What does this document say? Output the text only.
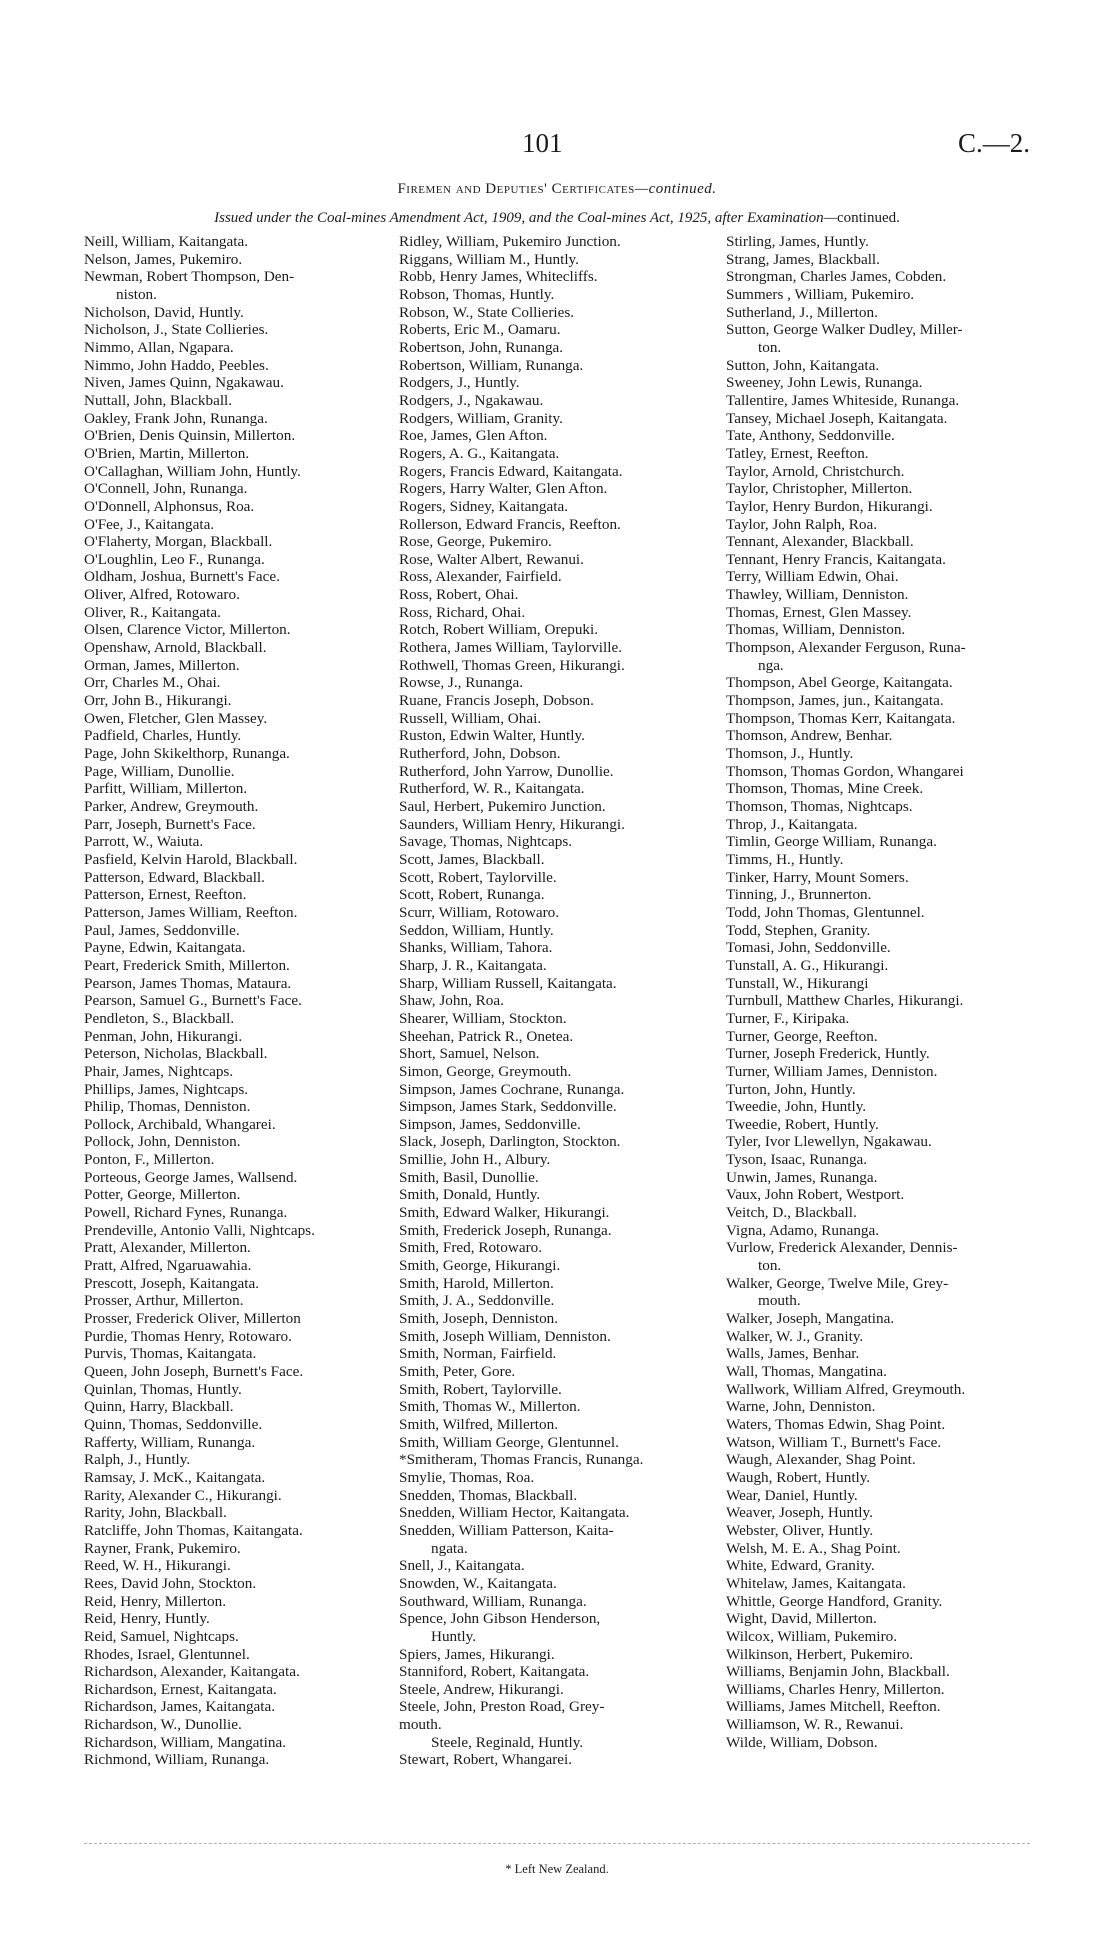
101	C.—2.
Firemen and Deputies' Certificates—continued.
Issued under the Coal-mines Amendment Act, 1909, and the Coal-mines Act, 1925, after Examination—continued.
Neill, William, Kaitangata.
Nelson, James, Pukemiro.
Newman, Robert Thompson, Den-
niston.
Nicholson, David, Huntly.
Nicholson, J., State Collieries.
Nimmo, Allan, Ngapara.
Nimmo, John Haddo, Peebles.
Niven, James Quinn, Ngakawau.
Nuttall, John, Blackball.
Oakley, Frank John, Runanga.
O'Brien, Denis Quinsin, Millerton.
O'Brien, Martin, Millerton.
O'Callaghan, William John, Huntly.
O'Connell, John, Runanga.
O'Donnell, Alphonsus, Roa.
O'Fee, J., Kaitangata.
O'Flaherty, Morgan, Blackball.
O'Loughlin, Leo F., Runanga.
Oldham, Joshua, Burnett's Face.
Oliver, Alfred, Rotowaro.
Oliver, R., Kaitangata.
Olsen, Clarence Victor, Millerton.
Openshaw, Arnold, Blackball.
Orman, James, Millerton.
Orr, Charles M., Ohai.
Orr, John B., Hikurangi.
Owen, Fletcher, Glen Massey.
Padfield, Charles, Huntly.
Page, John Skikelthorp, Runanga.
Page, William, Dunollie.
Parfitt, William, Millerton.
Parker, Andrew, Greymouth.
Parr, Joseph, Burnett's Face.
Parrott, W., Waiuta.
Pasfield, Kelvin Harold, Blackball.
Patterson, Edward, Blackball.
Patterson, Ernest, Reefton.
Patterson, James William, Reefton.
Paul, James, Seddonville.
Payne, Edwin, Kaitangata.
Peart, Frederick Smith, Millerton.
Pearson, James Thomas, Mataura.
Pearson, Samuel G., Burnett's Face.
Pendleton, S., Blackball.
Penman, John, Hikurangi.
Peterson, Nicholas, Blackball.
Phair, James, Nightcaps.
Phillips, James, Nightcaps.
Philip, Thomas, Denniston.
Pollock, Archibald, Whangarei.
Pollock, John, Denniston.
Ponton, F., Millerton.
Porteous, George James, Wallsend.
Potter, George, Millerton.
Powell, Richard Fynes, Runanga.
Prendeville, Antonio Valli, Nightcaps.
Pratt, Alexander, Millerton.
Pratt, Alfred, Ngaruawahia.
Prescott, Joseph, Kaitangata.
Prosser, Arthur, Millerton.
Prosser, Frederick Oliver, Millerton
Purdie, Thomas Henry, Rotowaro.
Purvis, Thomas, Kaitangata.
Queen, John Joseph, Burnett's Face.
Quinlan, Thomas, Huntly.
Quinn, Harry, Blackball.
Quinn, Thomas, Seddonville.
Rafferty, William, Runanga.
Ralph, J., Huntly.
Ramsay, J. McK., Kaitangata.
Rarity, Alexander C., Hikurangi.
Rarity, John, Blackball.
Ratcliffe, John Thomas, Kaitangata.
Rayner, Frank, Pukemiro.
Reed, W. H., Hikurangi.
Rees, David John, Stockton.
Reid, Henry, Millerton.
Reid, Henry, Huntly.
Reid, Samuel, Nightcaps.
Rhodes, Israel, Glentunnel.
Richardson, Alexander, Kaitangata.
Richardson, Ernest, Kaitangata.
Richardson, James, Kaitangata.
Richardson, W., Dunollie.
Richardson, William, Mangatina.
Richmond, William, Runanga.
Ridley, William, Pukemiro Junction.
Riggans, William M., Huntly.
Robb, Henry James, Whitecliffs.
Robson, Thomas, Huntly.
Robson, W., State Collieries.
Roberts, Eric M., Oamaru.
Robertson, John, Runanga.
Robertson, William, Runanga.
Rodgers, J., Huntly.
Rodgers, J., Ngakawau.
Rodgers, William, Granity.
Roe, James, Glen Afton.
Rogers, A. G., Kaitangata.
Rogers, Francis Edward, Kaitangata.
Rogers, Harry Walter, Glen Afton.
Rogers, Sidney, Kaitangata.
Rollerson, Edward Francis, Reefton.
Rose, George, Pukemiro.
Rose, Walter Albert, Rewanui.
Ross, Alexander, Fairfield.
Ross, Robert, Ohai.
Ross, Richard, Ohai.
Rotch, Robert William, Orepuki.
Rothera, James William, Taylorville.
Rothwell, Thomas Green, Hikurangi.
Rowse, J., Runanga.
Ruane, Francis Joseph, Dobson.
Russell, William, Ohai.
Ruston, Edwin Walter, Huntly.
Rutherford, John, Dobson.
Rutherford, John Yarrow, Dunollie.
Rutherford, W. R., Kaitangata.
Saul, Herbert, Pukemiro Junction.
Saunders, William Henry, Hikurangi.
Savage, Thomas, Nightcaps.
Scott, James, Blackball.
Scott, Robert, Taylorville.
Scott, Robert, Runanga.
Scurr, William, Rotowaro.
Seddon, William, Huntly.
Shanks, William, Tahora.
Sharp, J. R., Kaitangata.
Sharp, William Russell, Kaitangata.
Shaw, John, Roa.
Shearer, William, Stockton.
Sheehan, Patrick R., Onetea.
Short, Samuel, Nelson.
Simon, George, Greymouth.
Simpson, James Cochrane, Runanga.
Simpson, James Stark, Seddonville.
Simpson, James, Seddonville.
Slack, Joseph, Darlington, Stockton.
Smillie, John H., Albury.
Smith, Basil, Dunollie.
Smith, Donald, Huntly.
Smith, Edward Walker, Hikurangi.
Smith, Frederick Joseph, Runanga.
Smith, Fred, Rotowaro.
Smith, George, Hikurangi.
Smith, Harold, Millerton.
Smith, J. A., Seddonville.
Smith, Joseph, Denniston.
Smith, Joseph William, Denniston.
Smith, Norman, Fairfield.
Smith, Peter, Gore.
Smith, Robert, Taylorville.
Smith, Thomas W., Millerton.
Smith, Wilfred, Millerton.
Smith, William George, Glentunnel.
*Smitheram, Thomas Francis, Runanga.
Smylie, Thomas, Roa.
Snedden, Thomas, Blackball.
Snedden, William Hector, Kaitangata.
Snedden, William Patterson, Kaita-
ngata.
Snell, J., Kaitangata.
Snowden, W., Kaitangata.
Southward, William, Runanga.
Spence, John Gibson Henderson,
Huntly.
Spiers, James, Hikurangi.
Stanniford, Robert, Kaitangata.
Steele, Andrew, Hikurangi.
Steele, John, Preston Road, Grey-
mouth.
Steele, Reginald, Huntly.
Stewart, Robert, Whangarei.
Stirling, James, Huntly.
Strang, James, Blackball.
Strongman, Charles James, Cobden.
Summers , William, Pukemiro.
Sutherland, J., Millerton.
Sutton, George Walker Dudley, Miller-
ton.
Sutton, John, Kaitangata.
Sweeney, John Lewis, Runanga.
Tallentire, James Whiteside, Runanga.
Tansey, Michael Joseph, Kaitangata.
Tate, Anthony, Seddonville.
Tatley, Ernest, Reefton.
Taylor, Arnold, Christchurch.
Taylor, Christopher, Millerton.
Taylor, Henry Burdon, Hikurangi.
Taylor, John Ralph, Roa.
Tennant, Alexander, Blackball.
Tennant, Henry Francis, Kaitangata.
Terry, William Edwin, Ohai.
Thawley, William, Denniston.
Thomas, Ernest, Glen Massey.
Thomas, William, Denniston.
Thompson, Alexander Ferguson, Runa-
nga.
Thompson, Abel George, Kaitangata.
Thompson, James, jun., Kaitangata.
Thompson, Thomas Kerr, Kaitangata.
Thomson, Andrew, Benhar.
Thomson, J., Huntly.
Thomson, Thomas Gordon, Whangarei
Thomson, Thomas, Mine Creek.
Thomson, Thomas, Nightcaps.
Throp, J., Kaitangata.
Timlin, George William, Runanga.
Timms, H., Huntly.
Tinker, Harry, Mount Somers.
Tinning, J., Brunnerton.
Todd, John Thomas, Glentunnel.
Todd, Stephen, Granity.
Tomasi, John, Seddonville.
Tunstall, A. G., Hikurangi.
Tunstall, W., Hikurangi
Turnbull, Matthew Charles, Hikurangi.
Turner, F., Kiripaka.
Turner, George, Reefton.
Turner, Joseph Frederick, Huntly.
Turner, William James, Denniston.
Turton, John, Huntly.
Tweedie, John, Huntly.
Tweedie, Robert, Huntly.
Tyler, Ivor Llewellyn, Ngakawau.
Tyson, Isaac, Runanga.
Unwin, James, Runanga.
Vaux, John Robert, Westport.
Veitch, D., Blackball.
Vigna, Adamo, Runanga.
Vurlow, Frederick Alexander, Dennis-
ton.
Walker, George, Twelve Mile, Grey-
mouth.
Walker, Joseph, Mangatina.
Walker, W. J., Granity.
Walls, James, Benhar.
Wall, Thomas, Mangatina.
Wallwork, William Alfred, Greymouth.
Warne, John, Denniston.
Waters, Thomas Edwin, Shag Point.
Watson, William T., Burnett's Face.
Waugh, Alexander, Shag Point.
Waugh, Robert, Huntly.
Wear, Daniel, Huntly.
Weaver, Joseph, Huntly.
Webster, Oliver, Huntly.
Welsh, M. E. A., Shag Point.
White, Edward, Granity.
Whitelaw, James, Kaitangata.
Whittle, George Handford, Granity.
Wight, David, Millerton.
Wilcox, William, Pukemiro.
Wilkinson, Herbert, Pukemiro.
Williams, Benjamin John, Blackball.
Williams, Charles Henry, Millerton.
Williams, James Mitchell, Reefton.
Williamson, W. R., Rewanui.
Wilde, William, Dobson.
* Left New Zealand.
